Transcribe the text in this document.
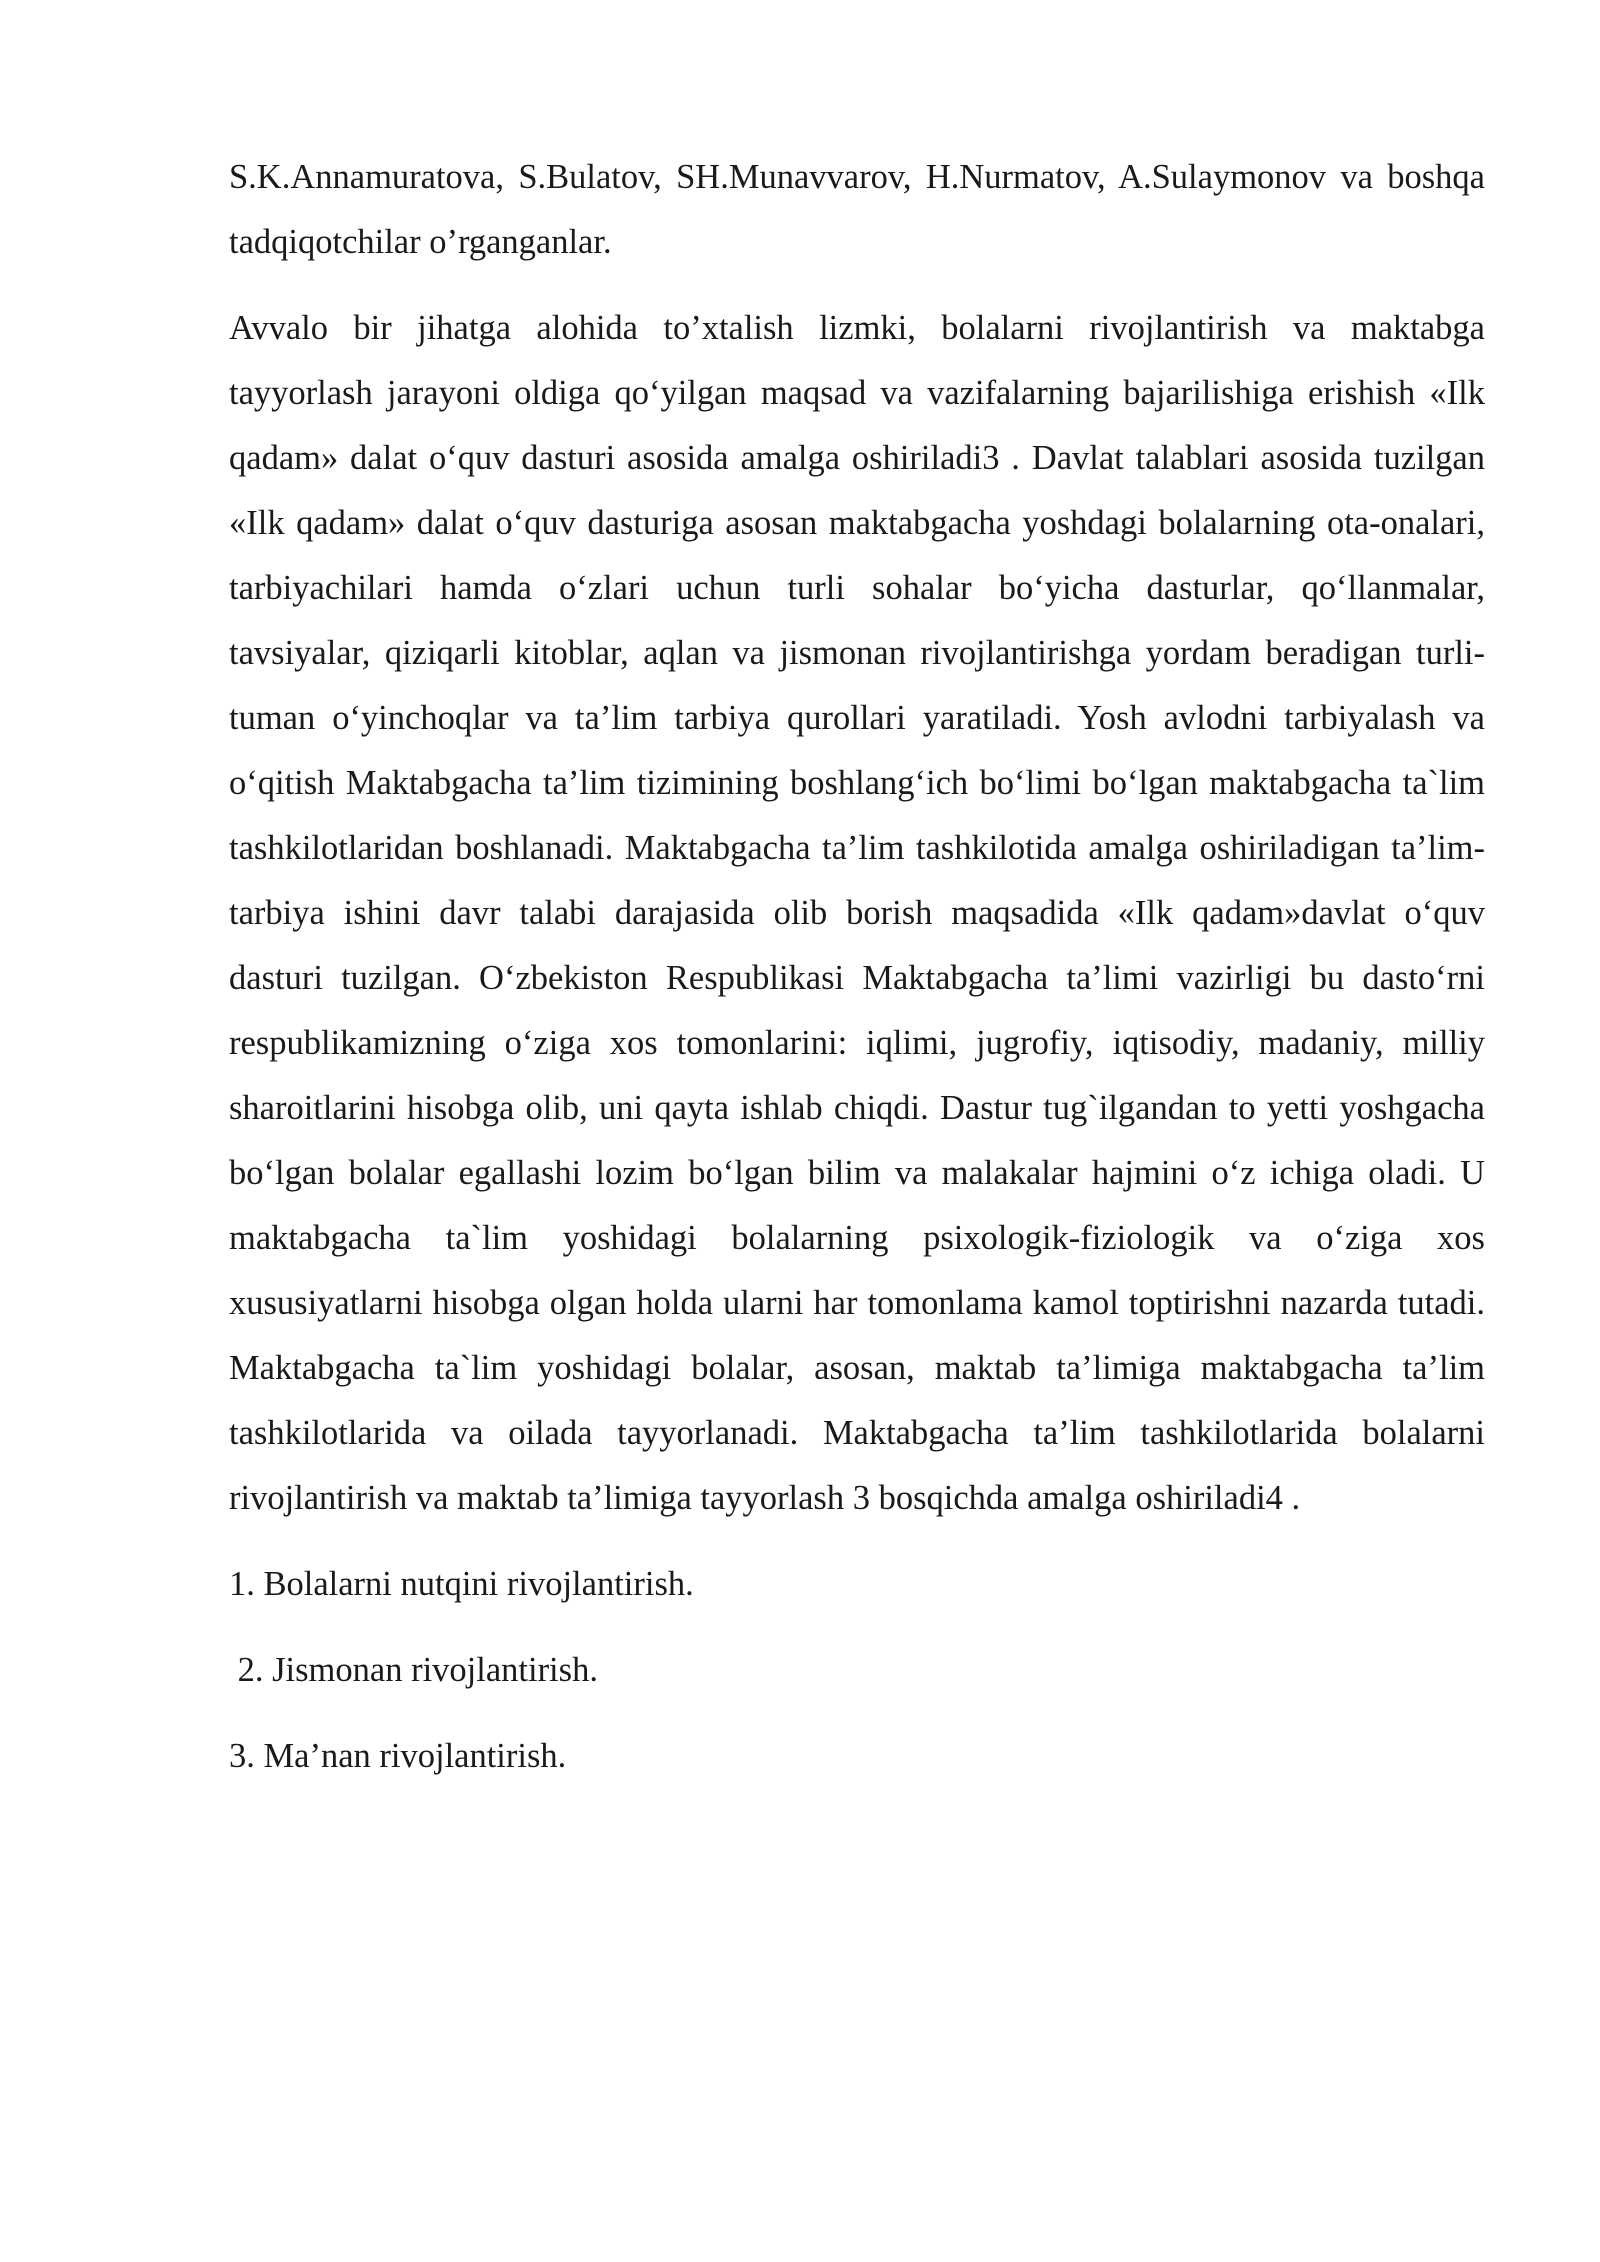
S.K.Annamuratova, S.Bulatov, SH.Munavvarov, H.Nurmatov, A.Sulaymonov va boshqa tadqiqotchilar o’rganganlar.

Avvalo bir jihatga alohida to’xtalish lizmki, bolalarni rivojlantirish va maktabga tayyorlash jarayoni oldiga qo‘yilgan maqsad va vazifalarning bajarilishiga erishish «Ilk qadam» dalat o‘quv dasturi asosida amalga oshiriladi3 . Davlat talablari asosida tuzilgan «Ilk qadam» dalat o‘quv dasturiga asosan maktabgacha yoshdagi bolalarning ota-onalari, tarbiyachilari hamda o‘zlari uchun turli sohalar bo‘yicha dasturlar, qo‘llanmalar, tavsiyalar, qiziqarli kitoblar, aqlan va jismonan rivojlantirishga yordam beradigan turli-tuman o‘yinchoqlar va ta’lim tarbiya qurollari yaratiladi. Yosh avlodni tarbiyalash va o‘qitish Maktabgacha ta’lim tizimining boshlang‘ich bo‘limi bo‘lgan maktabgacha ta`lim tashkilotlaridan boshlanadi. Maktabgacha ta’lim tashkilotida amalga oshiriladigan ta’lim-tarbiya ishini davr talabi darajasida olib borish maqsadida «Ilk qadam»davlat o‘quv dasturi tuzilgan. O‘zbekiston Respublikasi Maktabgacha ta’limi vazirligi bu dasto‘rni respublikamizning o‘ziga xos tomonlarini: iqlimi, jugrofiy, iqtisodiy, madaniy, milliy sharoitlarini hisobga olib, uni qayta ishlab chiqdi. Dastur tug`ilgandan to yetti yoshgacha bo‘lgan bolalar egallashi lozim bo‘lgan bilim va malakalar hajmini o‘z ichiga oladi. U maktabgacha ta`lim yoshidagi bolalarning psixologik-fiziologik va o‘ziga xos xususiyatlarni hisobga olgan holda ularni har tomonlama kamol toptirishni nazarda tutadi. Maktabgacha ta`lim yoshidagi bolalar, asosan, maktab ta’limiga maktabgacha ta’lim tashkilotlarida va oilada tayyorlanadi. Maktabgacha ta’lim tashkilotlarida bolalarni rivojlantirish va maktab ta’limiga tayyorlash 3 bosqichda amalga oshiriladi4 .

1. Bolalarni nutqini rivojlantirish.
2. Jismonan rivojlantirish.
3. Ma’nan rivojlantirish.
